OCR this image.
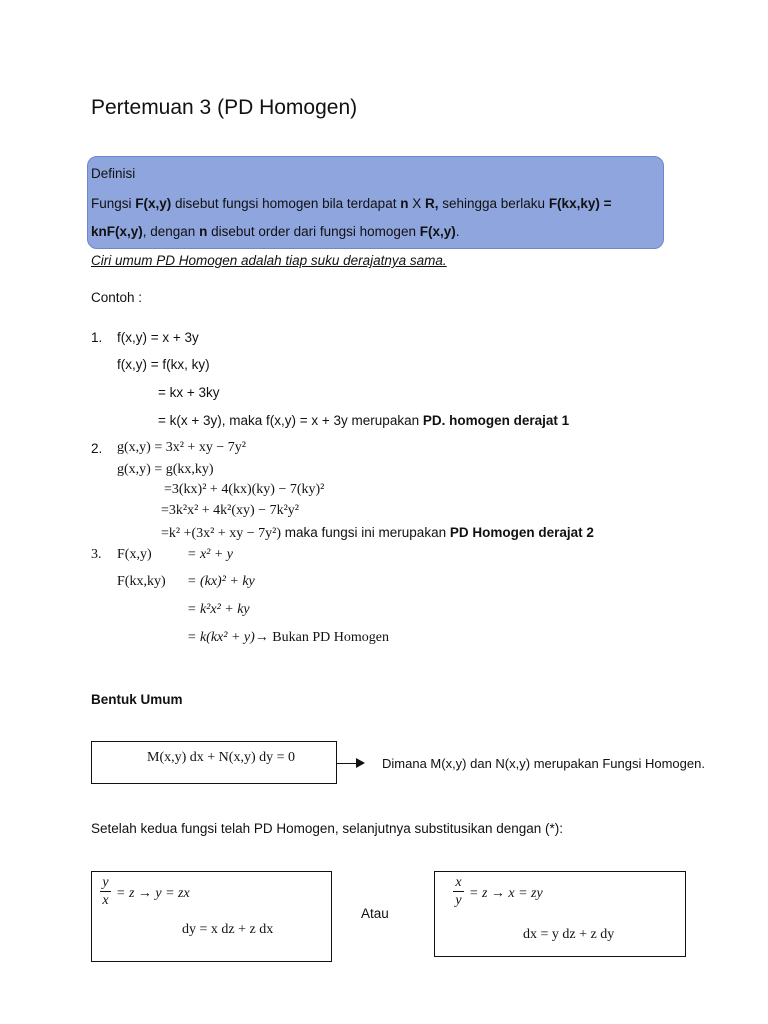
Pertemuan 3 (PD Homogen)
Definisi
Fungsi F(x,y) disebut fungsi homogen bila terdapat n X R, sehingga berlaku F(kx,ky) =
knF(x,y), dengan n disebut order dari fungsi homogen F(x,y).
Ciri umum PD Homogen adalah tiap suku derajatnya sama.
Contoh :
1. f(x,y) = x + 3y
f(x,y) = f(kx, ky)
= kx + 3ky
= k(x + 3y), maka f(x,y) = x + 3y merupakan PD. homogen derajat 1
2. g(x,y) = 3x² + xy − 7y²
g(x,y) = g(kx,ky)
=3(kx)² + 4(kx)(ky) − 7(ky)²
=3k²x² + 4k²(xy) − 7k²y²
=k² +(3x² + xy − 7y²) maka fungsi ini merupakan PD Homogen derajat 2
3. F(x,y)	= x² + y
F(kx,ky) = (kx)² + ky
= k²x² + ky
= k(kx² + y)→ Bukan PD Homogen
Bentuk Umum
M(x,y) dx + N(x,y) dy = 0	Dimana M(x,y) dan N(x,y) merupakan Fungsi Homogen.
Setelah kedua fungsi telah PD Homogen, selanjutnya substitusikan dengan (*):
y
x = z → y = zx
dy = x dz + z dx
Atau
x
y = z → x = zy
dx = y dz + z dy
